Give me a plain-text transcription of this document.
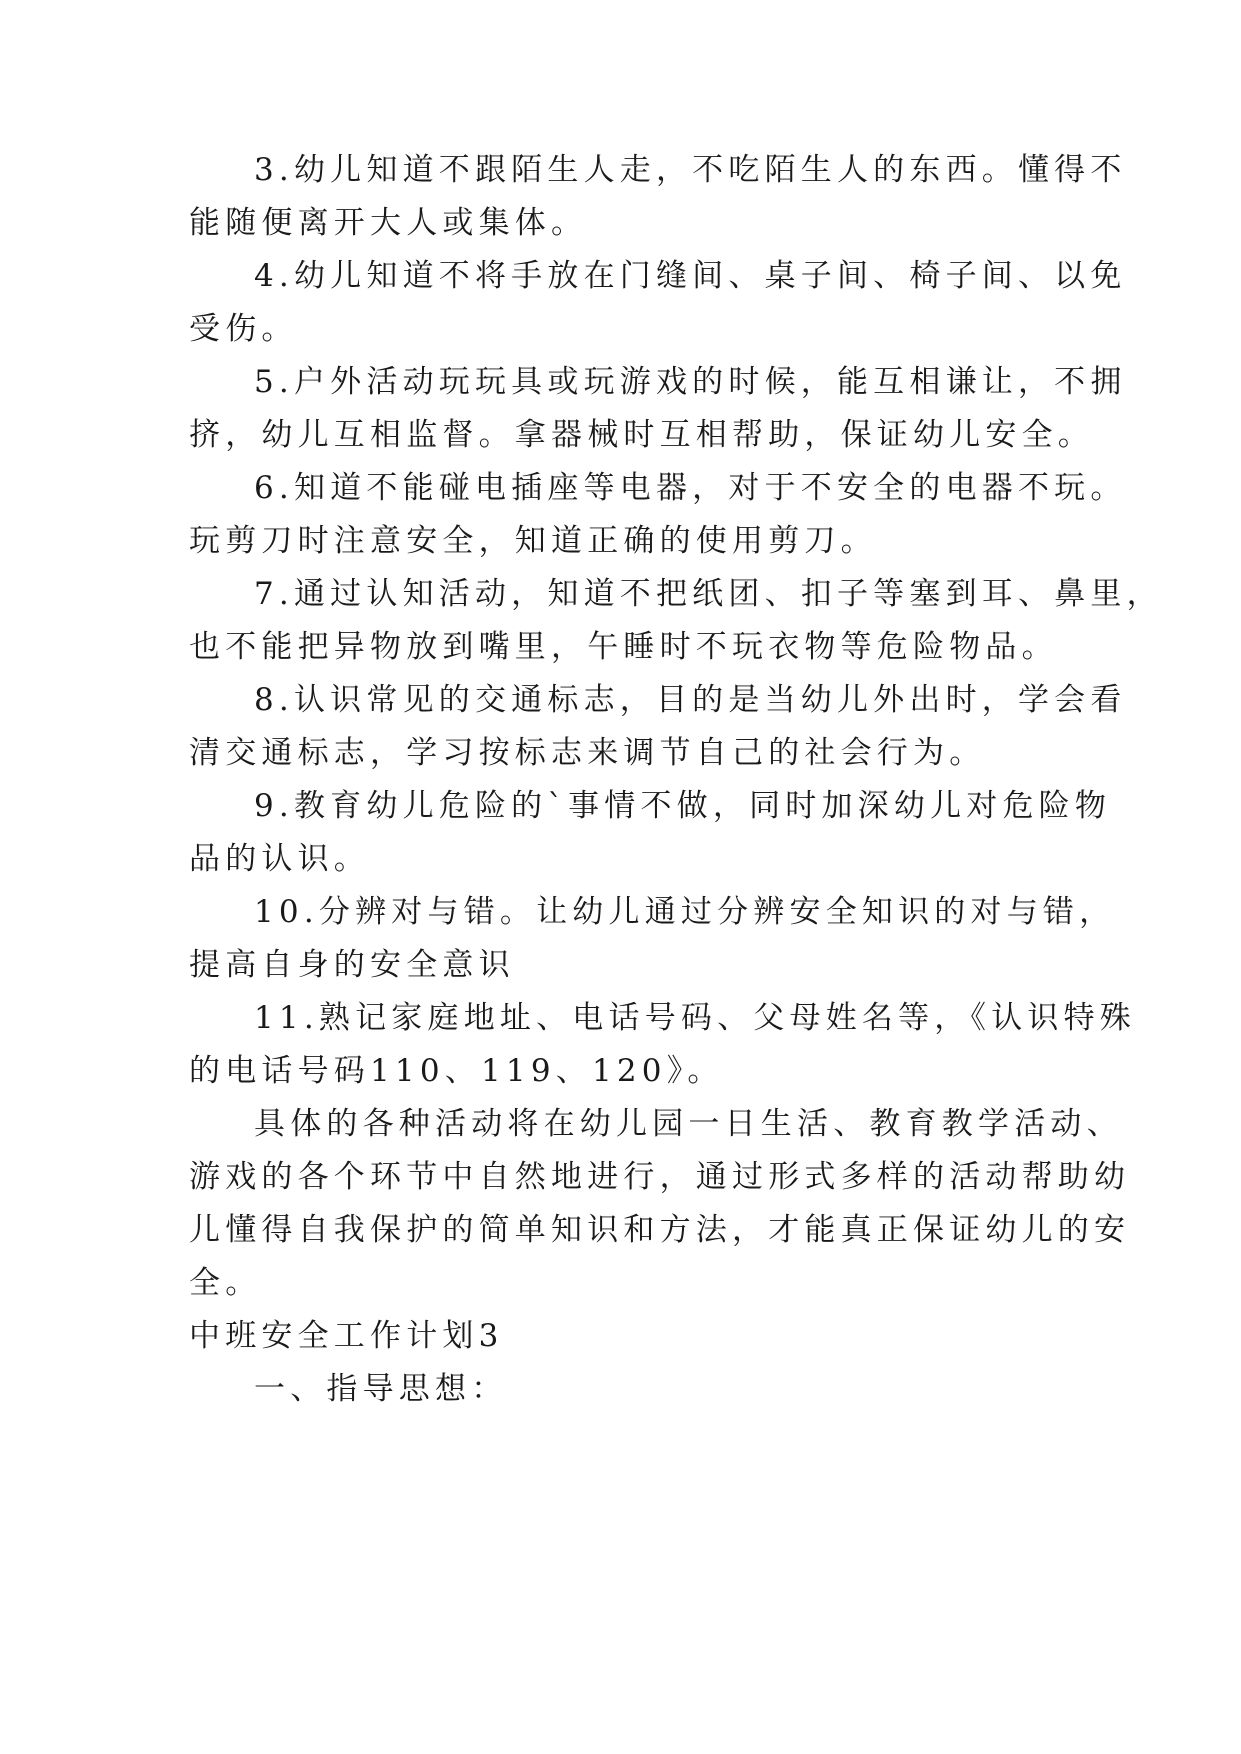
3.幼儿知道不跟陌生人走，不吃陌生人的东西。懂得不
能随便离开大人或集体。
4.幼儿知道不将手放在门缝间、桌子间、椅子间、以免
受伤。
5.户外活动玩玩具或玩游戏的时候，能互相谦让，不拥
挤，幼儿互相监督。拿器械时互相帮助，保证幼儿安全。
6.知道不能碰电插座等电器，对于不安全的电器不玩。
玩剪刀时注意安全，知道正确的使用剪刀。
7.通过认知活动，知道不把纸团、扣子等塞到耳、鼻里，
也不能把异物放到嘴里，午睡时不玩衣物等危险物品。
8.认识常见的交通标志，目的是当幼儿外出时，学会看
清交通标志，学习按标志来调节自己的社会行为。
9.教育幼儿危险的`事情不做，同时加深幼儿对危险物
品的认识。
10.分辨对与错。让幼儿通过分辨安全知识的对与错，
提高自身的安全意识
11.熟记家庭地址、电话号码、父母姓名等，《认识特殊
的电话号码110、119、120》。
具体的各种活动将在幼儿园一日生活、教育教学活动、
游戏的各个环节中自然地进行，通过形式多样的活动帮助幼
儿懂得自我保护的简单知识和方法，才能真正保证幼儿的安
全。
中班安全工作计划3
一、指导思想：
